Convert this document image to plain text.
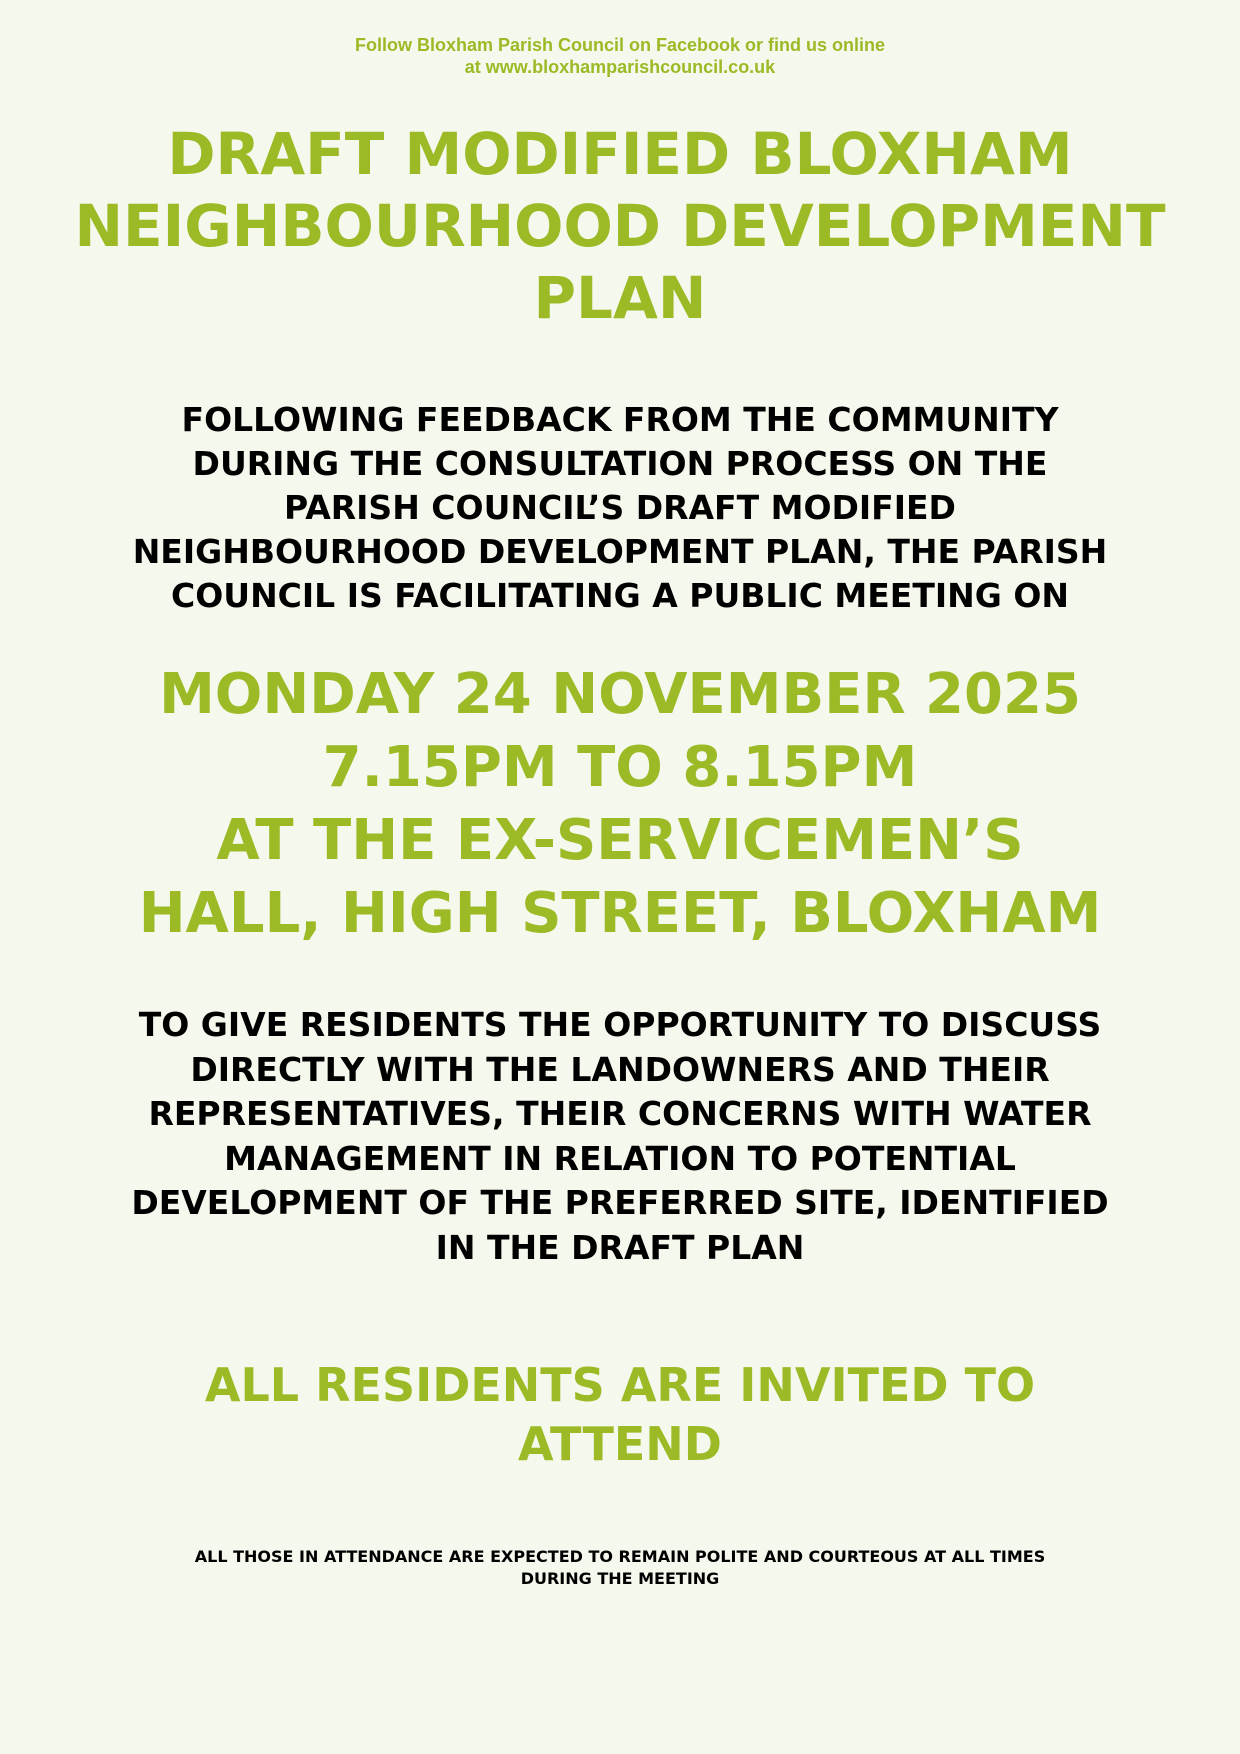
Follow Bloxham Parish Council on Facebook or find us online
at www.bloxhamparishcouncil.co.uk
DRAFT MODIFIED BLOXHAM
NEIGHBOURHOOD DEVELOPMENT
PLAN
FOLLOWING FEEDBACK FROM THE COMMUNITY
DURING THE CONSULTATION PROCESS ON THE
PARISH COUNCIL’S DRAFT MODIFIED
NEIGHBOURHOOD DEVELOPMENT PLAN, THE PARISH
COUNCIL IS FACILITATING A PUBLIC MEETING ON
MONDAY 24 NOVEMBER 2025
7.15PM TO 8.15PM
AT THE EX-SERVICEMEN’S
HALL, HIGH STREET, BLOXHAM
TO GIVE RESIDENTS THE OPPORTUNITY TO DISCUSS
DIRECTLY WITH THE LANDOWNERS AND THEIR
REPRESENTATIVES, THEIR CONCERNS WITH WATER
MANAGEMENT IN RELATION TO POTENTIAL
DEVELOPMENT OF THE PREFERRED SITE, IDENTIFIED
IN THE DRAFT PLAN
ALL RESIDENTS ARE INVITED TO
ATTEND
ALL THOSE IN ATTENDANCE ARE EXPECTED TO REMAIN POLITE AND COURTEOUS AT ALL TIMES
DURING THE MEETING
